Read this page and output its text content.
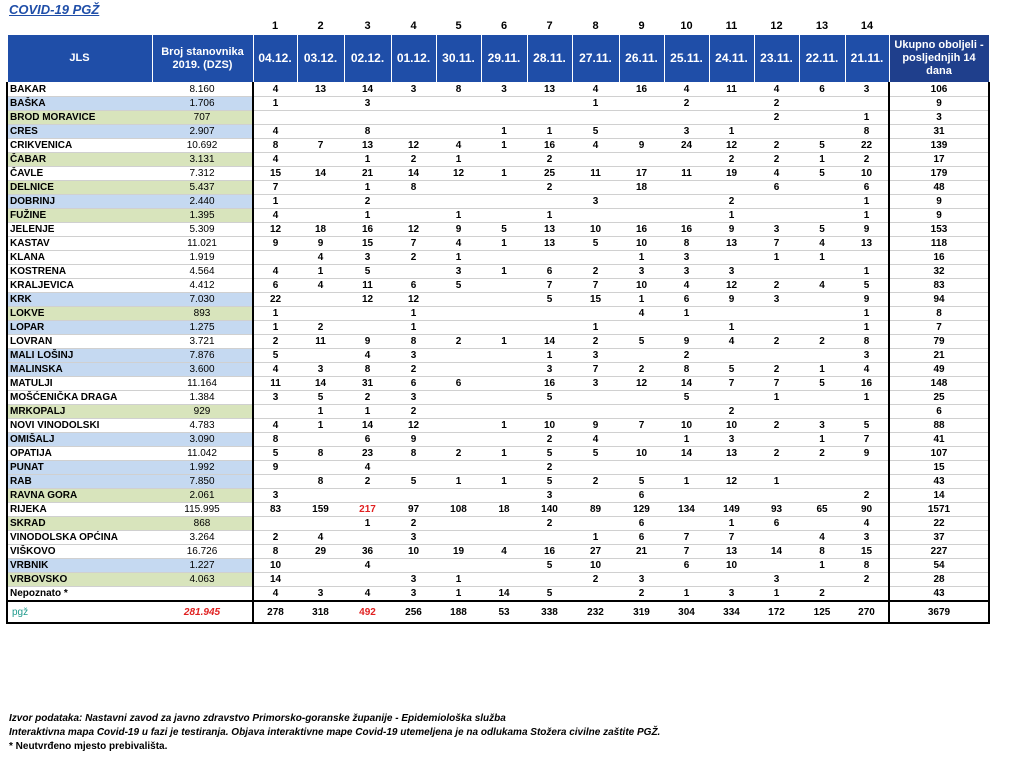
COVID-19 PGŽ
		1	2	3	4	5	6	7	8	9	10	11	12	13	14	
JLS	Broj stanovnika 2019. (DZS)	04.12.	03.12.	02.12.	01.12.	30.11.	29.11.	28.11.	27.11.	26.11.	25.11.	24.11.	23.11.	22.11.	21.11.	Ukupno oboljeli - posljednjih 14 dana
BAKAR	8.160	4	13	14	3	8	3	13	4	16	4	11	4	6	3	106
BAŠKA	1.706	1		3					1		2		2			9
BROD MORAVICE	707												2		1	3
CRES	2.907	4		8			1	1	5		3	1			8	31
CRIKVENICA	10.692	8	7	13	12	4	1	16	4	9	24	12	2	5	22	139
ČABAR	3.131	4		1	2	1		2				2	2	1	2	17
ČAVLE	7.312	15	14	21	14	12	1	25	11	17	11	19	4	5	10	179
DELNICE	5.437	7		1	8			2		18			6		6	48
DOBRINJ	2.440	1		2					3			2			1	9
FUŽINE	1.395	4		1		1		1				1			1	9
JELENJE	5.309	12	18	16	12	9	5	13	10	16	16	9	3	5	9	153
KASTAV	11.021	9	9	15	7	4	1	13	5	10	8	13	7	4	13	118
KLANA	1.919		4	3	2	1				1	3		1	1		16
KOSTRENA	4.564	4	1	5		3	1	6	2	3	3	3			1	32
KRALJEVICA	4.412	6	4	11	6	5		7	7	10	4	12	2	4	5	83
KRK	7.030	22		12	12			5	15	1	6	9	3		9	94
LOKVE	893	1			1					4	1				1	8
LOPAR	1.275	1	2		1				1			1			1	7
LOVRAN	3.721	2	11	9	8	2	1	14	2	5	9	4	2	2	8	79
MALI LOŠINJ	7.876	5		4	3			1	3		2				3	21
MALINSKA	3.600	4	3	8	2			3	7	2	8	5	2	1	4	49
MATULJI	11.164	11	14	31	6	6		16	3	12	14	7	7	5	16	148
MOŠĆENIČKA DRAGA	1.384	3	5	2	3			5			5		1		1	25
MRKOPALJ	929		1	1	2							2				6
NOVI VINODOLSKI	4.783	4	1	14	12		1	10	9	7	10	10	2	3	5	88
OMIŠALJ	3.090	8		6	9			2	4		1	3		1	7	41
OPATIJA	11.042	5	8	23	8	2	1	5	5	10	14	13	2	2	9	107
PUNAT	1.992	9		4				2								15
RAB	7.850		8	2	5	1	1	5	2	5	1	12	1			43
RAVNA GORA	2.061	3						3		6					2	14
RIJEKA	115.995	83	159	217	97	108	18	140	89	129	134	149	93	65	90	1571
SKRAD	868			1	2			2		6		1	6		4	22
VINODOLSKA OPĆINA	3.264	2	4		3				1	6	7	7		4	3	37
VIŠKOVO	16.726	8	29	36	10	19	4	16	27	21	7	13	14	8	15	227
VRBNIK	1.227	10		4				5	10		6	10		1	8	54
VRBOVSKO	4.063	14			3	1			2	3			3		2	28
Nepoznato *		4	3	4	3	1	14	5		2	1	3	1	2		43
pgž	281.945	278	318	492	256	188	53	338	232	319	304	334	172	125	270	3679
Izvor podataka: Nastavni zavod za javno zdravstvo Primorsko-goranske županije - Epidemiološka služba
Interaktivna mapa Covid-19 u fazi je testiranja. Objava interaktivne mape Covid-19 utemeljena je na odlukama Stožera civilne zaštite PGŽ.
* Neutvrđeno mjesto prebivališta.
